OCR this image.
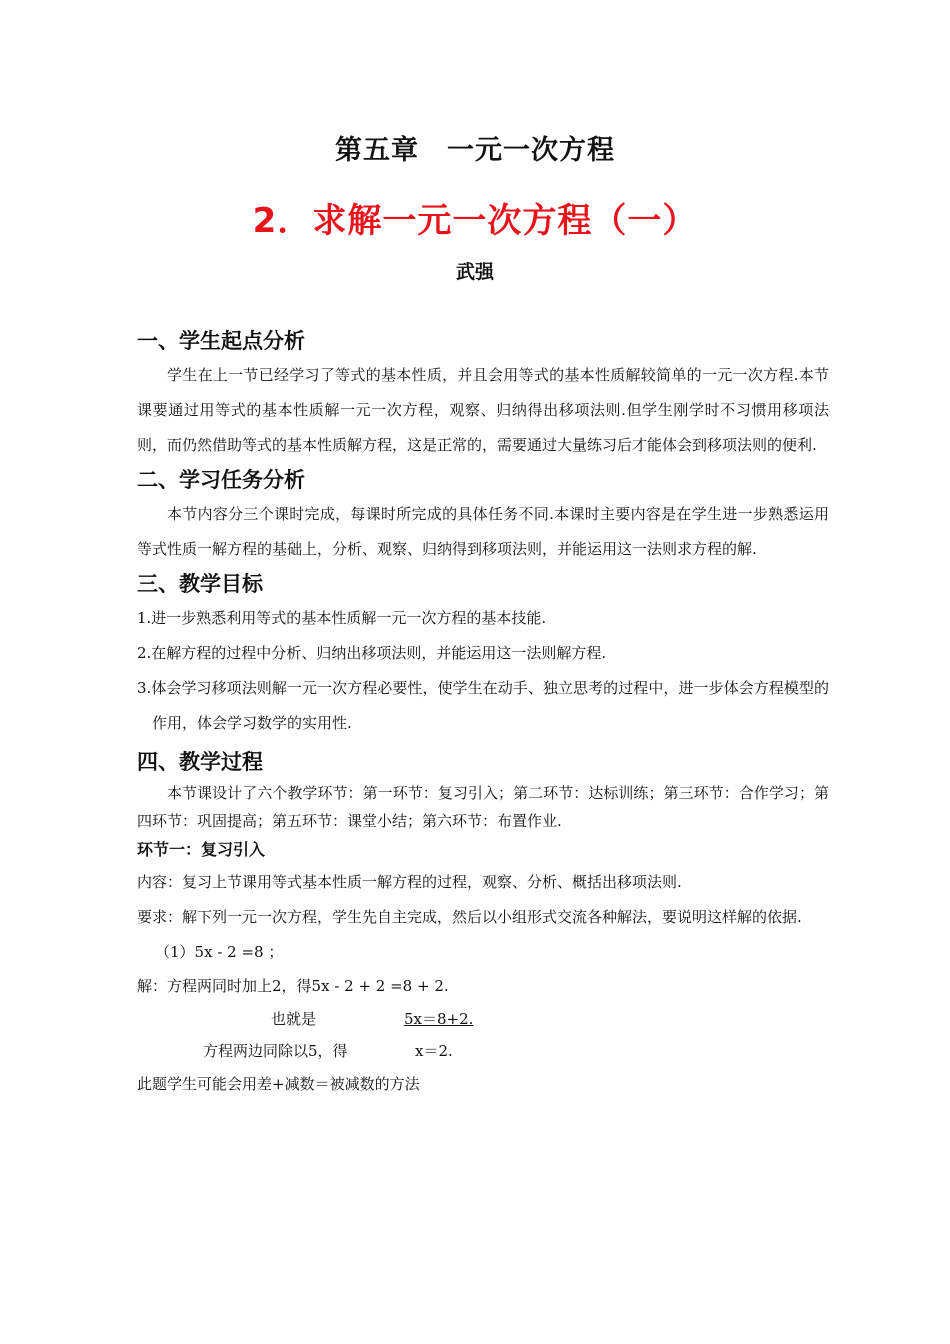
第五章　一元一次方程
2．求解一元一次方程（一）
武强
一、学生起点分析

学生在上一节已经学习了等式的基本性质，并且会用等式的基本性质解较简单的一元一次方程.本节课要通过用等式的基本性质解一元一次方程，观察、归纳得出移项法则.但学生刚学时不习惯用移项法则，而仍然借助等式的基本性质解方程，这是正常的，需要通过大量练习后才能体会到移项法则的便利.

二、学习任务分析

本节内容分三个课时完成，每课时所完成的具体任务不同.本课时主要内容是在学生进一步熟悉运用等式性质一解方程的基础上，分析、观察、归纳得到移项法则，并能运用这一法则求方程的解.

三、教学目标

1.进一步熟悉利用等式的基本性质解一元一次方程的基本技能.

2.在解方程的过程中分析、归纳出移项法则，并能运用这一法则解方程.

3.体会学习移项法则解一元一次方程必要性，使学生在动手、独立思考的过程中，进一步体会方程模型的作用，体会学习数学的实用性.

四、教学过程

本节课设计了六个教学环节：第一环节：复习引入；第二环节：达标训练；第三环节：合作学习；第四环节：巩固提高；第五环节：课堂小结；第六环节：布置作业.

环节一：复习引入

内容：复习上节课用等式基本性质一解方程的过程，观察、分析、概括出移项法则.

要求：解下列一元一次方程，学生先自主完成，然后以小组形式交流各种解法，要说明这样解的依据.

（1）5x - 2 =8 ；
解：方程两同时加上2，得5x - 2 + 2 =8 + 2.
也就是	5x＝8+2.
方程两边同除以5，得	x＝2.
此题学生可能会用差+减数＝被减数的方法
